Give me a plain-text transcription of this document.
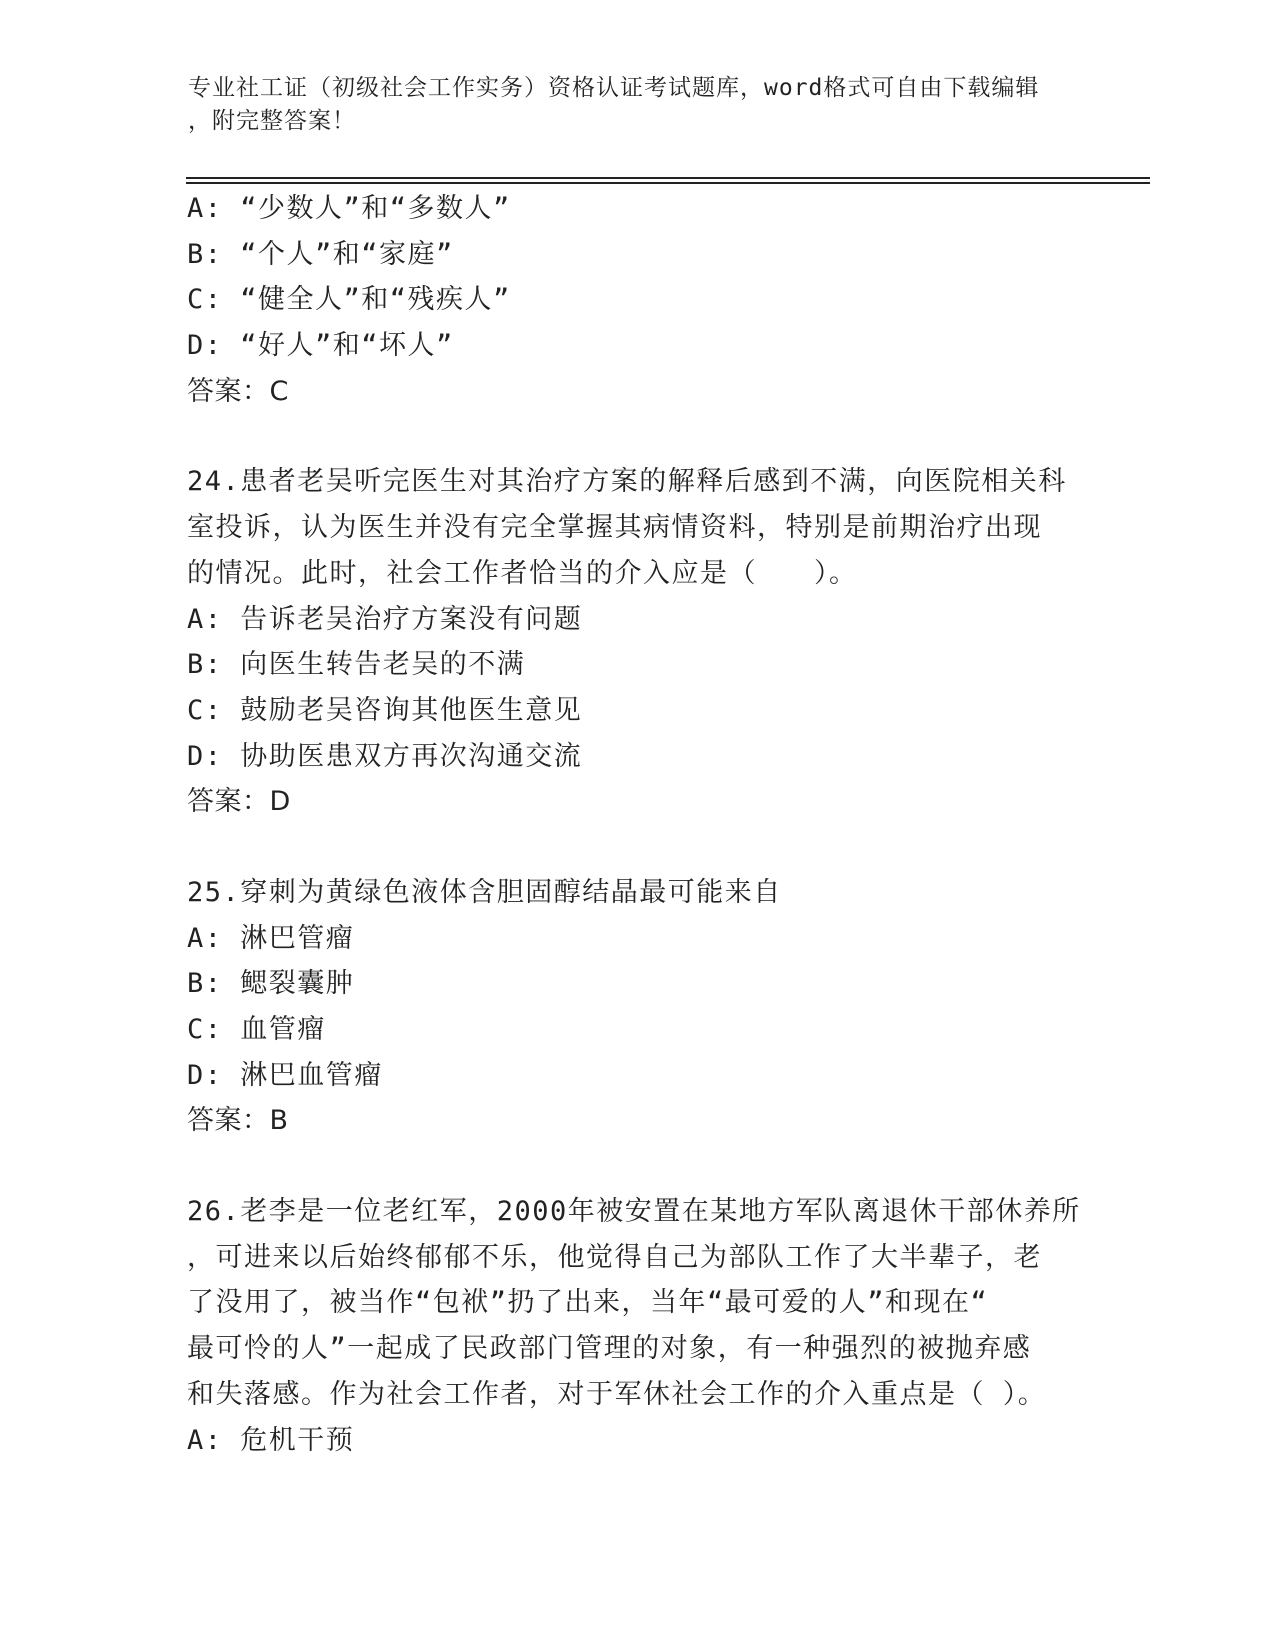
专业社工证（初级社会工作实务）资格认证考试题库，word格式可自由下载编辑
，附完整答案！
A: “少数人”和“多数人”
B: “个人”和“家庭”
C: “健全人”和“残疾人”
D: “好人”和“坏人”
答案：C
24.患者老吴听完医生对其治疗方案的解释后感到不满，向医院相关科
室投诉，认为医生并没有完全掌握其病情资料，特别是前期治疗出现
的情况。此时，社会工作者恰当的介入应是（　　）。
A: 告诉老吴治疗方案没有问题
B: 向医生转告老吴的不满
C: 鼓励老吴咨询其他医生意见
D: 协助医患双方再次沟通交流
答案：D
25.穿刺为黄绿色液体含胆固醇结晶最可能来自
A: 淋巴管瘤
B: 鳃裂囊肿
C: 血管瘤
D: 淋巴血管瘤
答案：B
26.老李是一位老红军，2000年被安置在某地方军队离退休干部休养所
，可进来以后始终郁郁不乐，他觉得自己为部队工作了大半辈子，老
了没用了，被当作“包袱”扔了出来，当年“最可爱的人”和现在“
最可怜的人”一起成了民政部门管理的对象，有一种强烈的被抛弃感
和失落感。作为社会工作者，对于军休社会工作的介入重点是（ ）。
A: 危机干预
